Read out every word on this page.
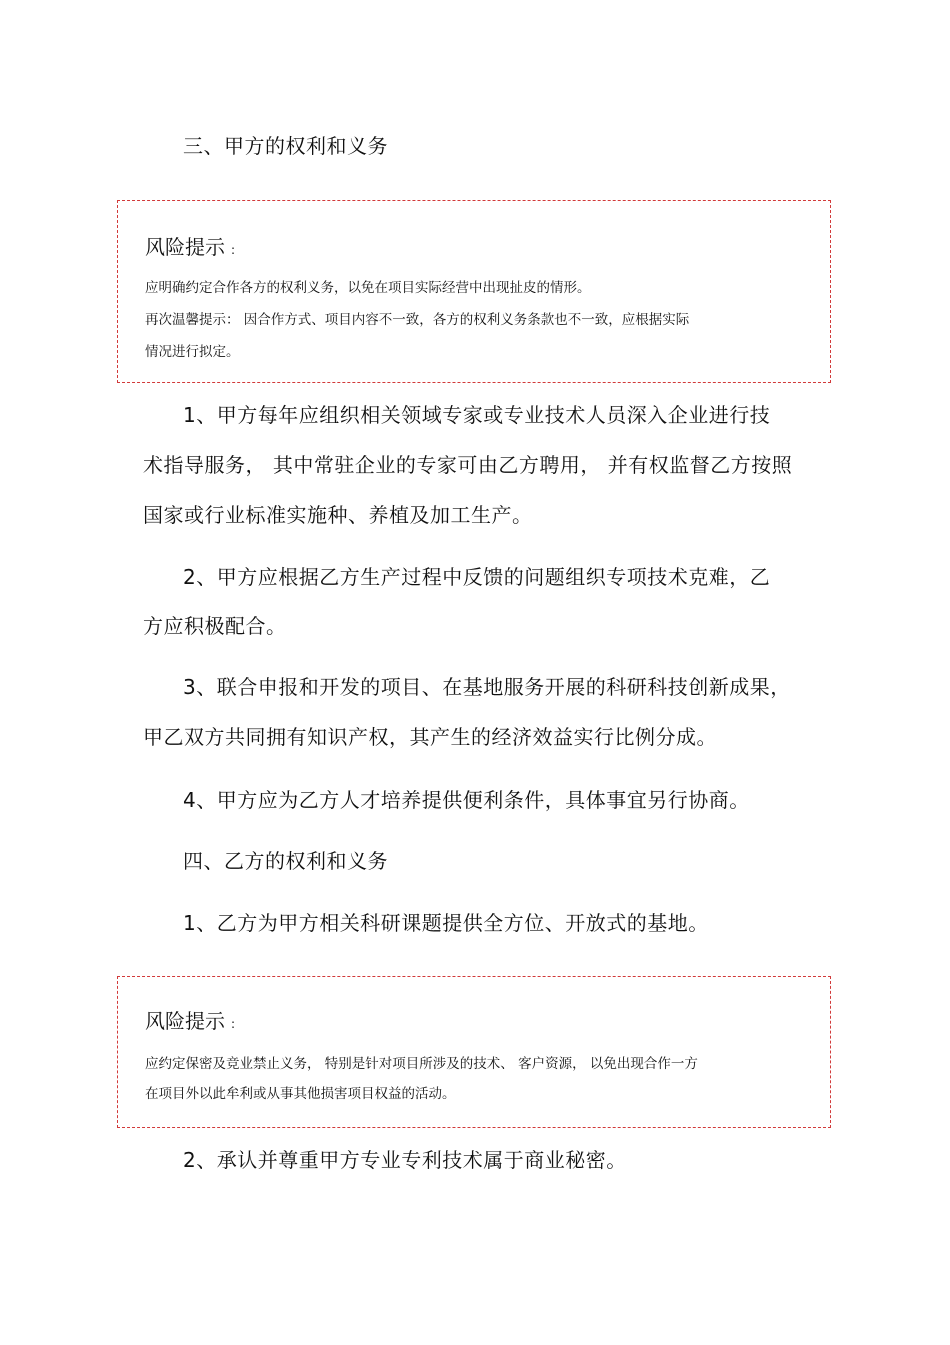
三、甲方的权利和义务
风险提示 :
应明确约定合作各方的权利义务，以免在项目实际经营中出现扯皮的情形。
再次温馨提示： 因合作方式、项目内容不一致，各方的权利义务条款也不一致，应根据实际
情况进行拟定。
1、甲方每年应组织相关领域专家或专业技术人员深入企业进行技
术指导服务， 其中常驻企业的专家可由乙方聘用， 并有权监督乙方按照
国家或行业标准实施种、养植及加工生产。
2、甲方应根据乙方生产过程中反馈的问题组织专项技术克难，乙
方应积极配合。
3、联合申报和开发的项目、在基地服务开展的科研科技创新成果，
甲乙双方共同拥有知识产权，其产生的经济效益实行比例分成。
4、甲方应为乙方人才培养提供便利条件，具体事宜另行协商。
四、乙方的权利和义务
1、乙方为甲方相关科研课题提供全方位、开放式的基地。
风险提示 :
应约定保密及竞业禁止义务， 特别是针对项目所涉及的技术、 客户资源， 以免出现合作一方
在项目外以此牟利或从事其他损害项目权益的活动。
2、承认并尊重甲方专业专利技术属于商业秘密。
